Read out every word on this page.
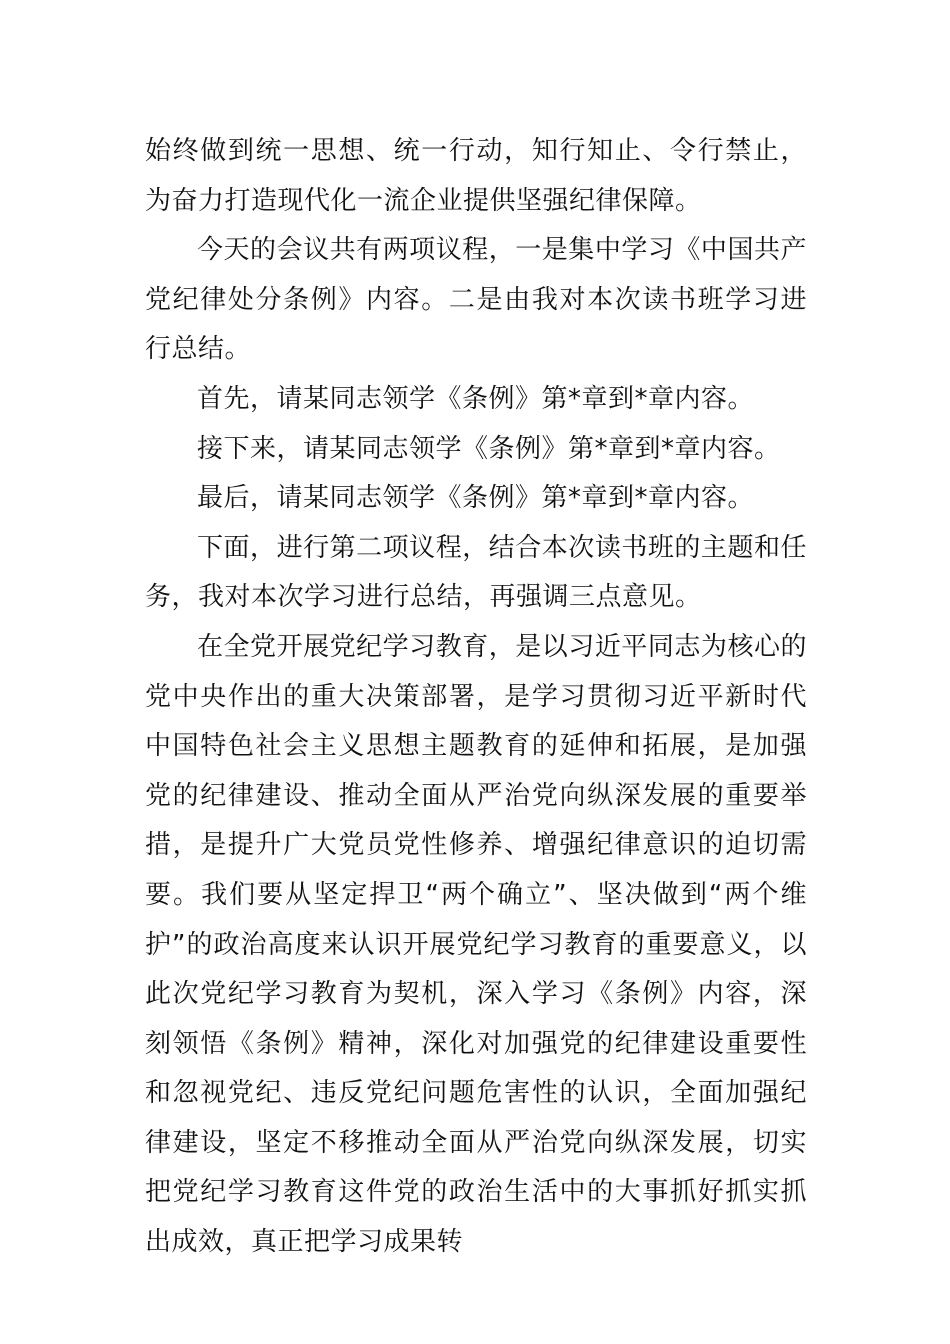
始终做到统一思想、统一行动，知行知止、令行禁止，为奋力打造现代化一流企业提供坚强纪律保障。

今天的会议共有两项议程，一是集中学习《中国共产党纪律处分条例》内容。二是由我对本次读书班学习进行总结。

首先，请某同志领学《条例》第*章到*章内容。

接下来，请某同志领学《条例》第*章到*章内容。

最后，请某同志领学《条例》第*章到*章内容。

下面，进行第二项议程，结合本次读书班的主题和任务，我对本次学习进行总结，再强调三点意见。

在全党开展党纪学习教育，是以习近平同志为核心的党中央作出的重大决策部署，是学习贯彻习近平新时代中国特色社会主义思想主题教育的延伸和拓展，是加强党的纪律建设、推动全面从严治党向纵深发展的重要举措，是提升广大党员党性修养、增强纪律意识的迫切需要。我们要从坚定捍卫“两个确立”、坚决做到“两个维护”的政治高度来认识开展党纪学习教育的重要意义，以此次党纪学习教育为契机，深入学习《条例》内容，深刻领悟《条例》精神，深化对加强党的纪律建设重要性和忽视党纪、违反党纪问题危害性的认识，全面加强纪律建设，坚定不移推动全面从严治党向纵深发展，切实把党纪学习教育这件党的政治生活中的大事抓好抓实抓出成效，真正把学习成果转
